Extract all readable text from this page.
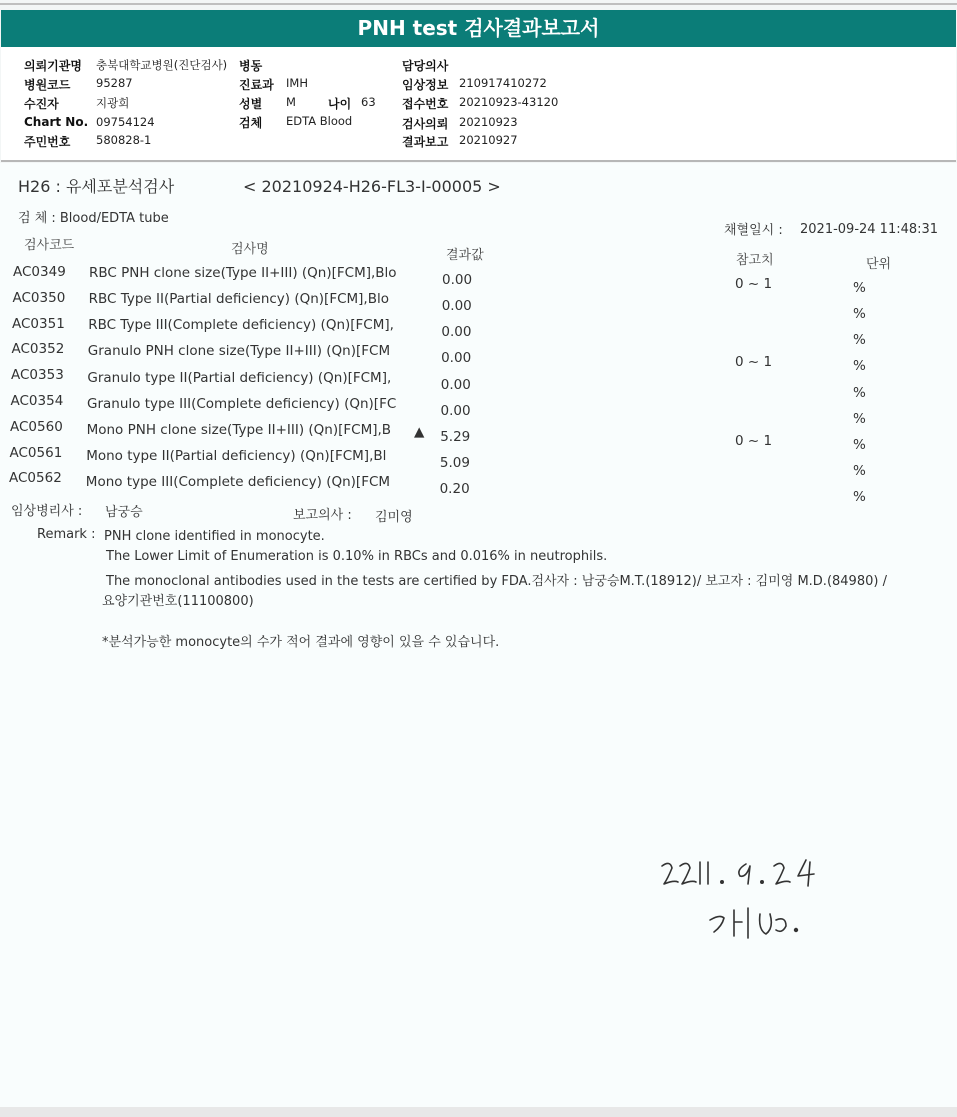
PNH test 검사결과보고서
의뢰기관명 충북대학교병원(진단검사) 병동	담당의사
병원코드 95287	진료과 IMH	임상정보 210917410272
수진자	지광희	성별 M	나이 63 접수번호 20210923-43120
Chart No. 09754124	검체 EDTA Blood	검사의뢰 20210923
주민번호 580828-1	결과보고 20210927
H26 : 유세포분석검사	< 20210924-H26-FL3-I-00005 >
검 체 : Blood/EDTA tube
채혈일시 : 2021-09-24 11:48:31
검사코드	검사명	결과값	참고치	단위
AC0349 RBC PNH clone size(Type II+III) (Qn)[FCM],Blo	0.00	0 ~ 1	%
AC0350 RBC Type II(Partial deficiency) (Qn)[FCM],Blo	0.00	%
AC0351 RBC Type III(Complete deficiency) (Qn)[FCM],	0.00	%
AC0352 Granulo PNH clone size(Type II+III) (Qn)[FCM	0.00	0 ~ 1	%
AC0353 Granulo type II(Partial deficiency) (Qn)[FCM],	0.00	%
AC0354 Granulo type III(Complete deficiency) (Qn)[FC	0.00	%
AC0560 Mono PNH clone size(Type II+III) (Qn)[FCM],B ▲ 5.29	0 ~ 1	%
AC0561 Mono type II(Partial deficiency) (Qn)[FCM],Bl	5.09	%
AC0562 Mono type III(Complete deficiency) (Qn)[FCM	0.20	%
임상병리사 : 남궁승	보고의사 : 김미영
Remark : PNH clone identified in monocyte.
The Lower Limit of Enumeration is 0.10% in RBCs and 0.016% in neutrophils.
The monoclonal antibodies used in the tests are certified by FDA.검사자 : 남궁승M.T.(18912)/ 보고자 : 김미영 M.D.(84980) /
요양기관번호(11100800)
*분석가능한 monocyte의 수가 적어 결과에 영향이 있을 수 있습니다.
